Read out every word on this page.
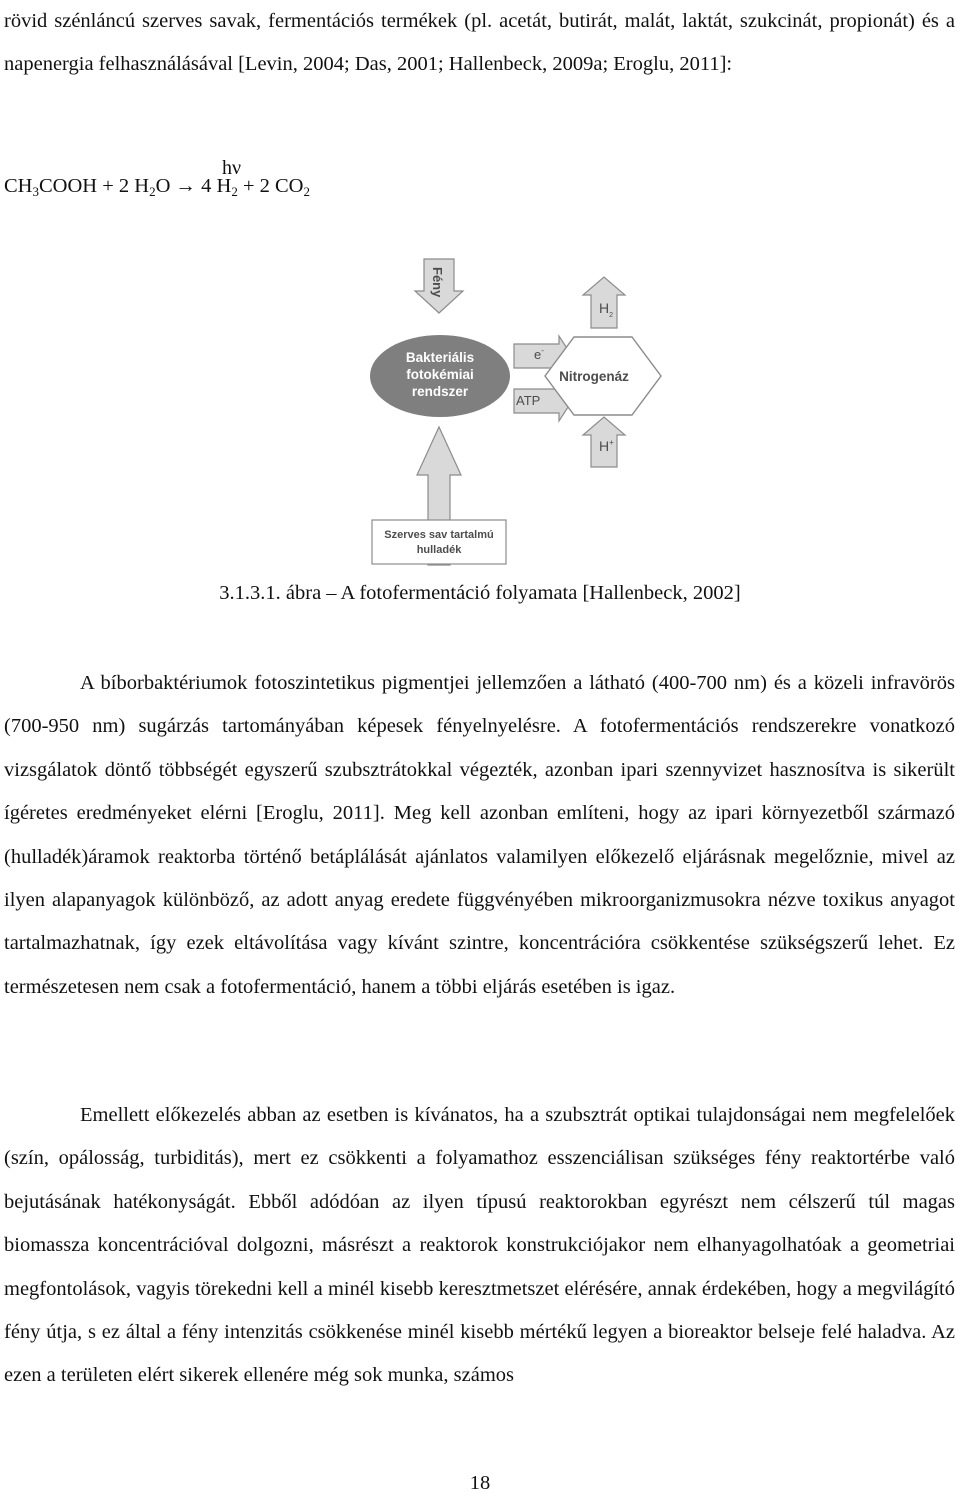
rövid szénláncú szerves savak, fermentációs termékek (pl. acetát, butirát, malát, laktát, szukcinát, propionát) és a napenergia felhasználásával [Levin, 2004; Das, 2001; Hallenbeck, 2009a; Eroglu, 2011]:

hν
$CH_3COOH + 2$ $H_2O \to 4$ $H_2 + 2$ $CO_2$
Fény
$H_2$
Bakteriális
fotokémiai
rendszer
e-
ATP
Nitrogenáz
H+
Szerves sav tartalmú
hulladék

3.1.3.1. ábra – A fotofermentáció folyamata [Hallenbeck, 2002]

A bíborbaktériumok fotoszintetikus pigmentjei jellemzően a látható (400-700 nm) és a közeli infravörös (700-950 nm) sugárzás tartományában képesek fényelnyelésre. A fotofermentációs rendszerekre vonatkozó vizsgálatok döntő többségét egyszerű szubsztrátokkal végezték, azonban ipari szennyvizet hasznosítva is sikerült ígéretes eredményeket elérni [Eroglu, 2011]. Meg kell azonban említeni, hogy az ipari környezetből származó (hulladék)áramok reaktorba történő betáplálását ajánlatos valamilyen előkezelő eljárásnak megelőznie, mivel az ilyen alapanyagok különböző, az adott anyag eredete függvényében mikroorganizmusokra nézve toxikus anyagot tartalmazhatnak, így ezek eltávolítása vagy kívánt szintre, koncentrációra csökkentése szükségszerű lehet. Ez természetesen nem csak a fotofermentáció, hanem a többi eljárás esetében is igaz.

Emellett előkezelés abban az esetben is kívánatos, ha a szubsztrát optikai tulajdonságai nem megfelelőek (szín, opálosság, turbiditás), mert ez csökkenti a folyamathoz esszenciálisan szükséges fény reaktortérbe való bejutásának hatékonyságát. Ebből adódóan az ilyen típusú reaktorokban egyrészt nem célszerű túl magas biomassza koncentrációval dolgozni, másrészt a reaktorok konstrukciójakor nem elhanyagolhatóak a geometriai megfontolások, vagyis törekedni kell a minél kisebb keresztmetszet elérésére, annak érdekében, hogy a megvilágító fény útja, s ez által a fény intenzitás csökkenése minél kisebb mértékű legyen a bioreaktor belseje felé haladva. Az ezen a területen elért sikerek ellenére még sok munka, számos

18
